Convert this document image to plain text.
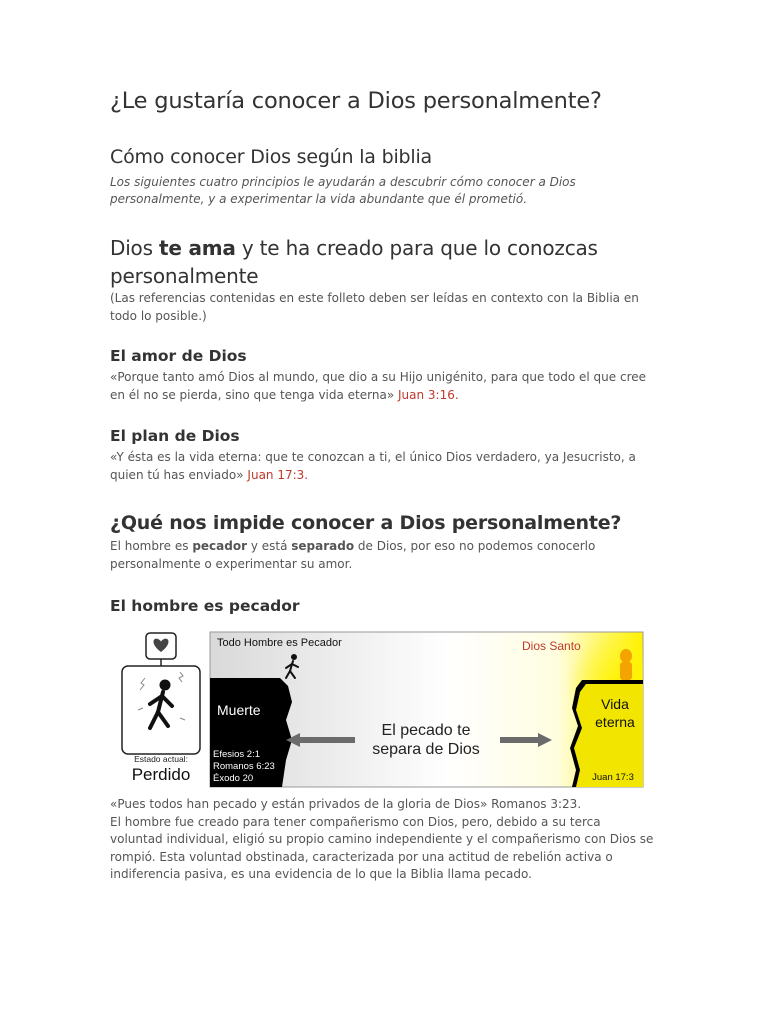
¿Le gustaría conocer a Dios personalmente?
Cómo conocer Dios según la biblia
Los siguientes cuatro principios le ayudarán a descubrir cómo conocer a Dios personalmente, y a experimentar la vida abundante que él prometió.
Dios te ama y te ha creado para que lo conozcas personalmente
(Las referencias contenidas en este folleto deben ser leídas en contexto con la Biblia en todo lo posible.)
El amor de Dios
«Porque tanto amó Dios al mundo, que dio a su Hijo unigénito, para que todo el que cree en él no se pierda, sino que tenga vida eterna» Juan 3:16.
El plan de Dios
«Y ésta es la vida eterna: que te conozcan a ti, el único Dios verdadero, ya Jesucristo, a quien tú has enviado» Juan 17:3.
¿Qué nos impide conocer a Dios personalmente?
El hombre es pecador y está separado de Dios, por eso no podemos conocerlo personalmente o experimentar su amor.
El hombre es pecador
Estado actual:
Perdido
Todo Hombre es Pecador	Dios Santo
Muerte
Efesios 2:1
Romanos 6:23
Éxodo 20
El pecado te
separa de Dios
Vida
eterna
Juan 17:3

«Pues todos han pecado y están privados de la gloria de Dios» Romanos 3:23.

El hombre fue creado para tener compañerismo con Dios, pero, debido a su terca voluntad individual, eligió su propio camino independiente y el compañerismo con Dios se rompió. Esta voluntad obstinada, caracterizada por una actitud de rebelión activa o indiferencia pasiva, es una evidencia de lo que la Biblia llama pecado.
